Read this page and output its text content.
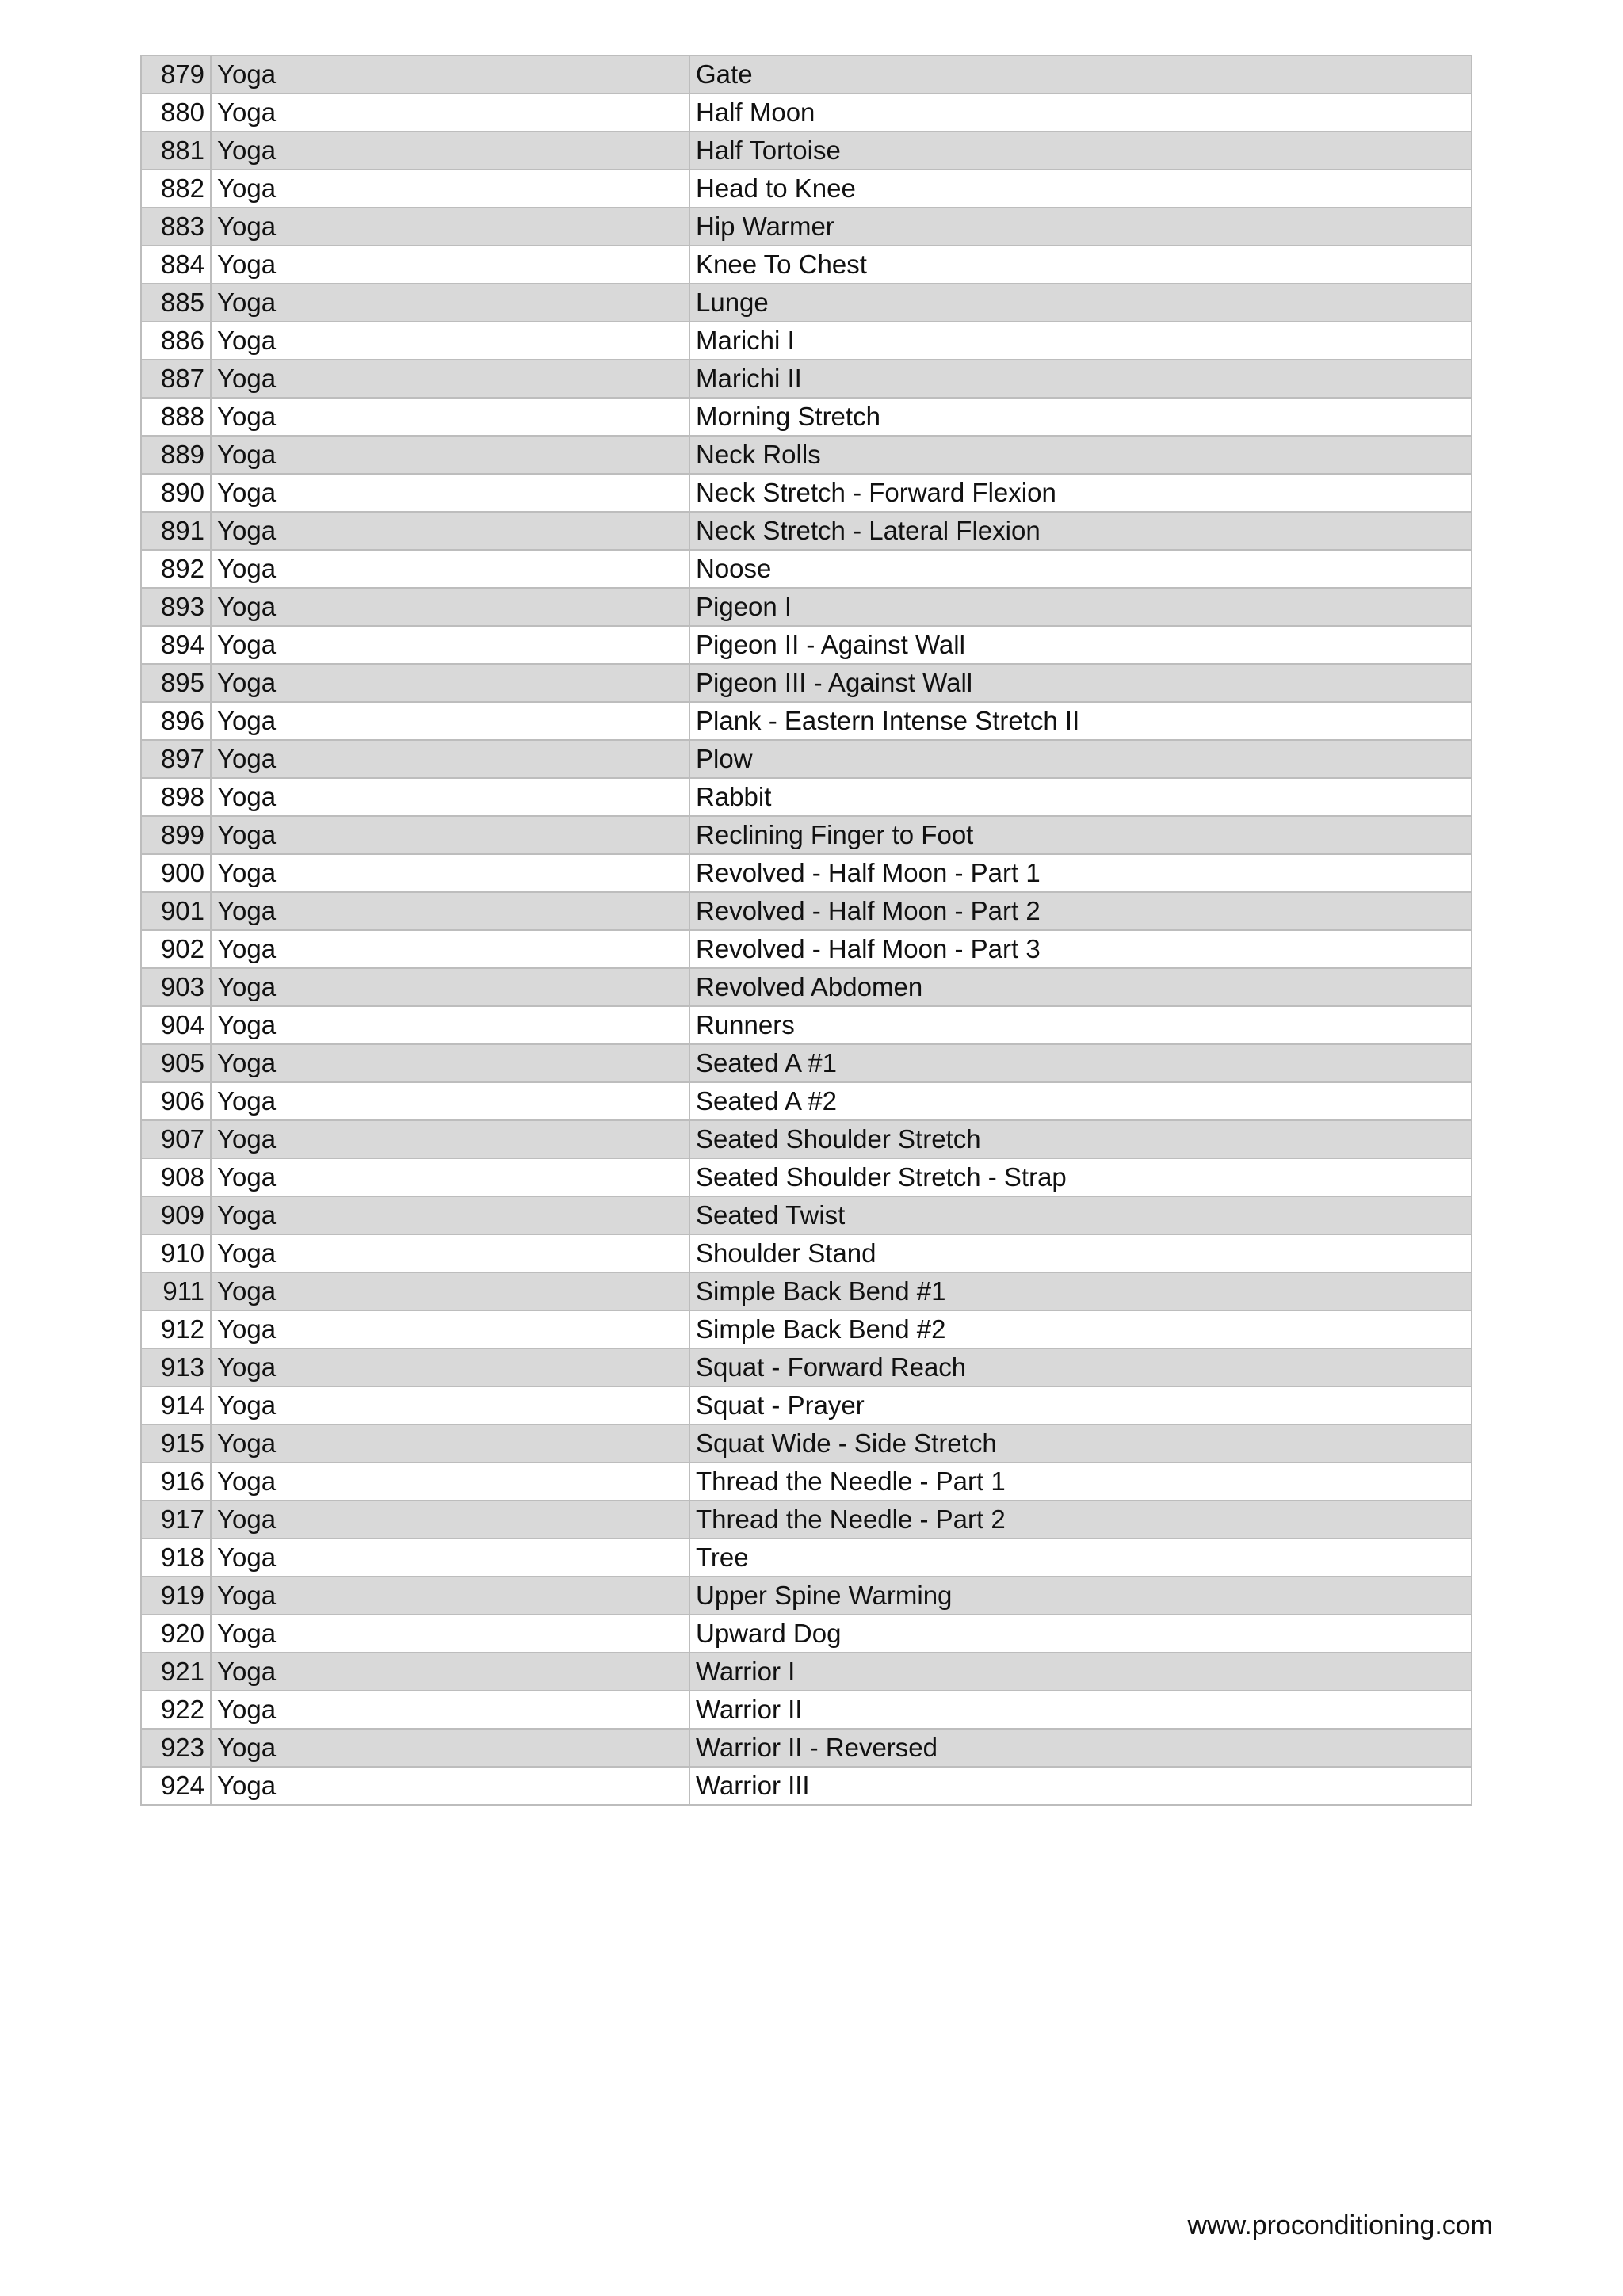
879	Yoga	Gate
880	Yoga	Half Moon
881	Yoga	Half Tortoise
882	Yoga	Head to Knee
883	Yoga	Hip Warmer
884	Yoga	Knee To Chest
885	Yoga	Lunge
886	Yoga	Marichi I
887	Yoga	Marichi II
888	Yoga	Morning Stretch
889	Yoga	Neck Rolls
890	Yoga	Neck Stretch - Forward Flexion
891	Yoga	Neck Stretch - Lateral Flexion
892	Yoga	Noose
893	Yoga	Pigeon I
894	Yoga	Pigeon II - Against Wall
895	Yoga	Pigeon III - Against Wall
896	Yoga	Plank - Eastern Intense Stretch II
897	Yoga	Plow
898	Yoga	Rabbit
899	Yoga	Reclining Finger to Foot
900	Yoga	Revolved - Half Moon - Part 1
901	Yoga	Revolved - Half Moon - Part 2
902	Yoga	Revolved - Half Moon - Part 3
903	Yoga	Revolved Abdomen
904	Yoga	Runners
905	Yoga	Seated A #1
906	Yoga	Seated A #2
907	Yoga	Seated Shoulder Stretch
908	Yoga	Seated Shoulder Stretch - Strap
909	Yoga	Seated Twist
910	Yoga	Shoulder Stand
911	Yoga	Simple Back Bend #1
912	Yoga	Simple Back Bend #2
913	Yoga	Squat - Forward Reach
914	Yoga	Squat - Prayer
915	Yoga	Squat Wide - Side Stretch
916	Yoga	Thread the Needle - Part 1
917	Yoga	Thread the Needle - Part 2
918	Yoga	Tree
919	Yoga	Upper Spine Warming
920	Yoga	Upward Dog
921	Yoga	Warrior I
922	Yoga	Warrior II
923	Yoga	Warrior II - Reversed
924	Yoga	Warrior III
www.proconditioning.com
